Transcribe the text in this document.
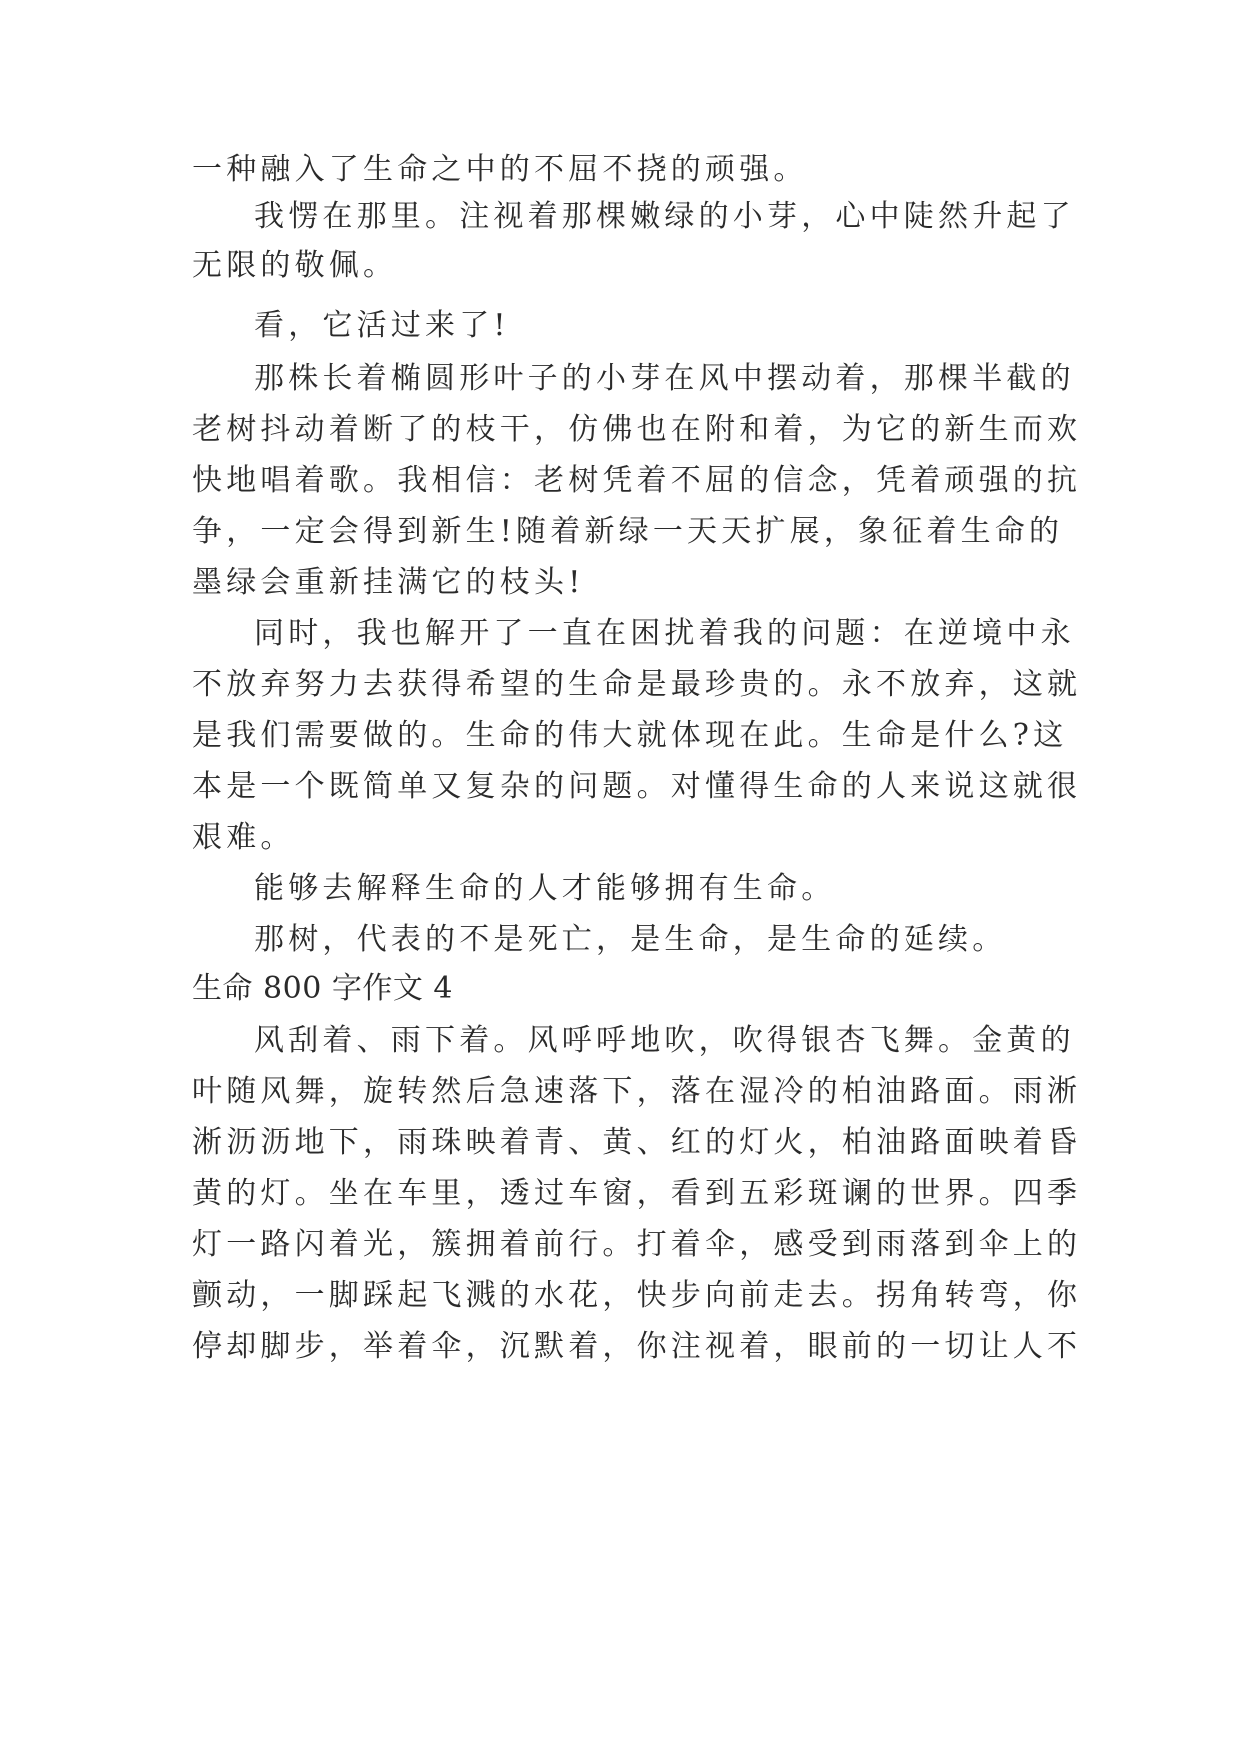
一种融入了生命之中的不屈不挠的顽强。
我愣在那里。注视着那棵嫩绿的小芽，心中陡然升起了
无限的敬佩。
看，它活过来了!
那株长着椭圆形叶子的小芽在风中摆动着，那棵半截的
老树抖动着断了的枝干，仿佛也在附和着，为它的新生而欢
快地唱着歌。我相信：老树凭着不屈的信念，凭着顽强的抗
争，一定会得到新生!随着新绿一天天扩展，象征着生命的
墨绿会重新挂满它的枝头!
同时，我也解开了一直在困扰着我的问题：在逆境中永
不放弃努力去获得希望的生命是最珍贵的。永不放弃，这就
是我们需要做的。生命的伟大就体现在此。生命是什么?这
本是一个既简单又复杂的问题。对懂得生命的人来说这就很
艰难。
能够去解释生命的人才能够拥有生命。
那树，代表的不是死亡，是生命，是生命的延续。
生命 800 字作文 4
风刮着、雨下着。风呼呼地吹，吹得银杏飞舞。金黄的
叶随风舞，旋转然后急速落下，落在湿冷的柏油路面。雨淅
淅沥沥地下，雨珠映着青、黄、红的灯火，柏油路面映着昏
黄的灯。坐在车里，透过车窗，看到五彩斑谰的世界。四季
灯一路闪着光，簇拥着前行。打着伞，感受到雨落到伞上的
颤动，一脚踩起飞溅的水花，快步向前走去。拐角转弯，你
停却脚步，举着伞，沉默着，你注视着，眼前的一切让人不
